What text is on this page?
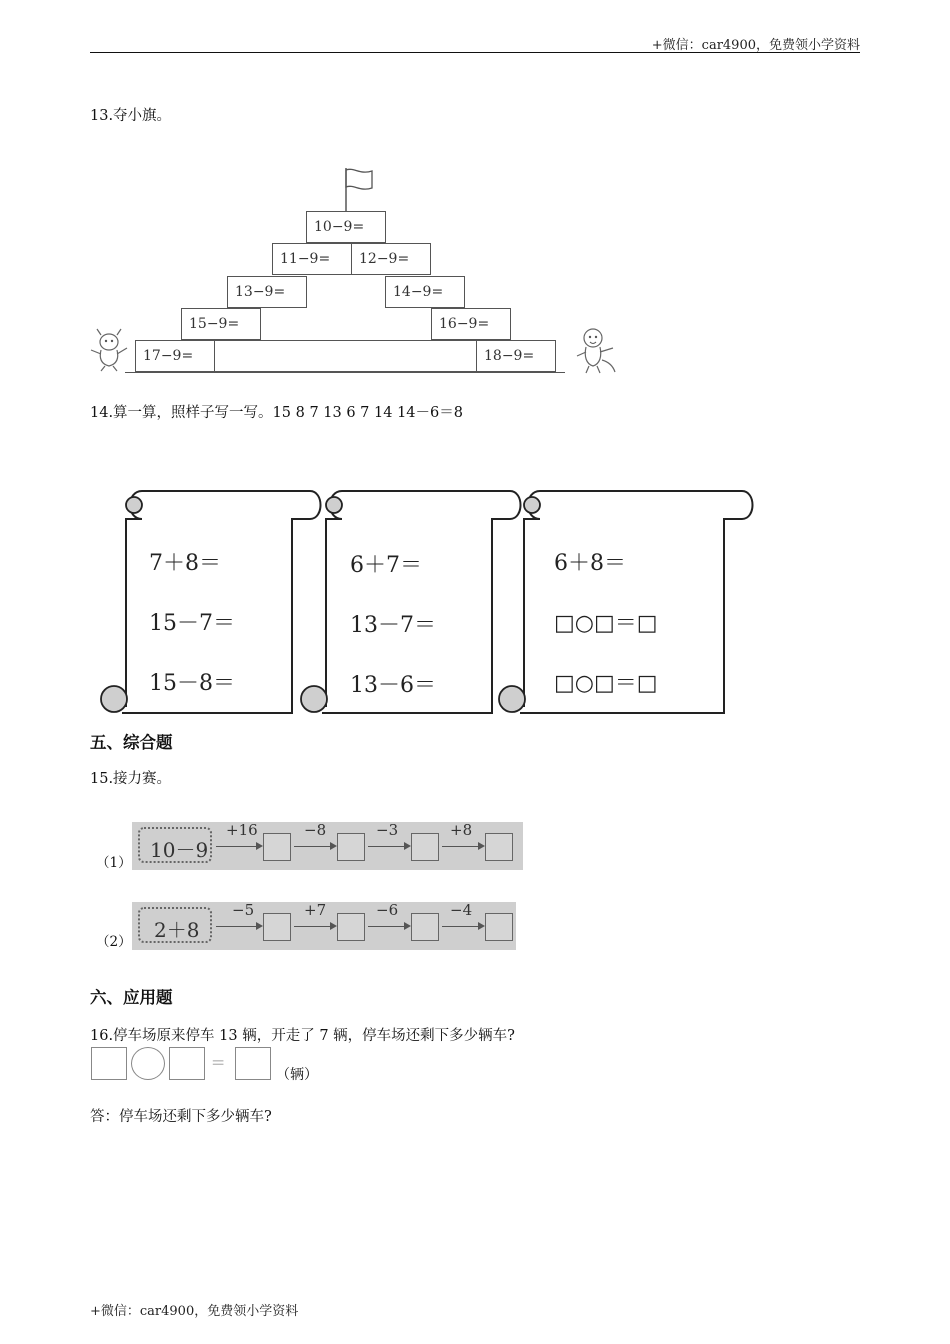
+微信：car4900，免费领小学资料
13.夺小旗。
10−9=
11−9= 12−9=
13−9=	14−9=
15−9=	16−9=
17−9=	18−9=
14.算一算，照样子写一写。15 8 7 13 6 7 14 14－6＝8
7＋8＝
15－7＝
15－8＝
6＋7＝
13－7＝
13－6＝
6＋8＝
□○□＝□
□○□＝□
五、综合题
15.接力赛。
（1）
10－9
+16	−8	−3	+8
（2） 2＋8
−5	+7	−6	−4
六、应用题
16.停车场原来停车 13 辆，开走了 7 辆，停车场还剩下多少辆车?
=
（辆）
答：停车场还剩下多少辆车?
+微信：car4900，免费领小学资料
